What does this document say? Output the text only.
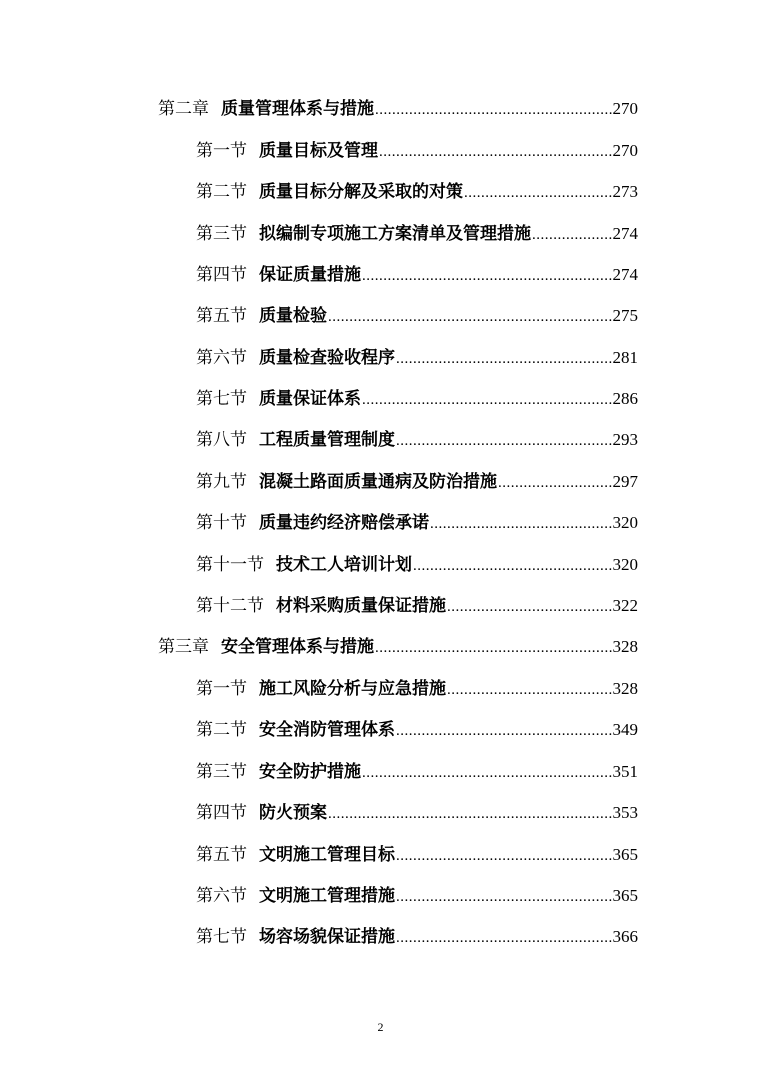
第二章 质量管理体系与措施 .....	270
第一节 质量目标及管理 .....	270
第二节 质量目标分解及采取的对策 .....	273
第三节 拟编制专项施工方案清单及管理措施 .....	274
第四节 保证质量措施 .....	274
第五节 质量检验 .....	275
第六节 质量检查验收程序 .....	281
第七节 质量保证体系 .....	286
第八节 工程质量管理制度 .....	293
第九节 混凝土路面质量通病及防治措施 .....	297
第十节 质量违约经济赔偿承诺 .....	320
第十一节 技术工人培训计划 .....	320
第十二节 材料采购质量保证措施 .....	322
第三章 安全管理体系与措施 .....	328
第一节 施工风险分析与应急措施 .....	328
第二节 安全消防管理体系 .....	349
第三节 安全防护措施 .....	351
第四节 防火预案 .....	353
第五节 文明施工管理目标 .....	365
第六节 文明施工管理措施 .....	365
第七节 场容场貌保证措施 .....	366
2
